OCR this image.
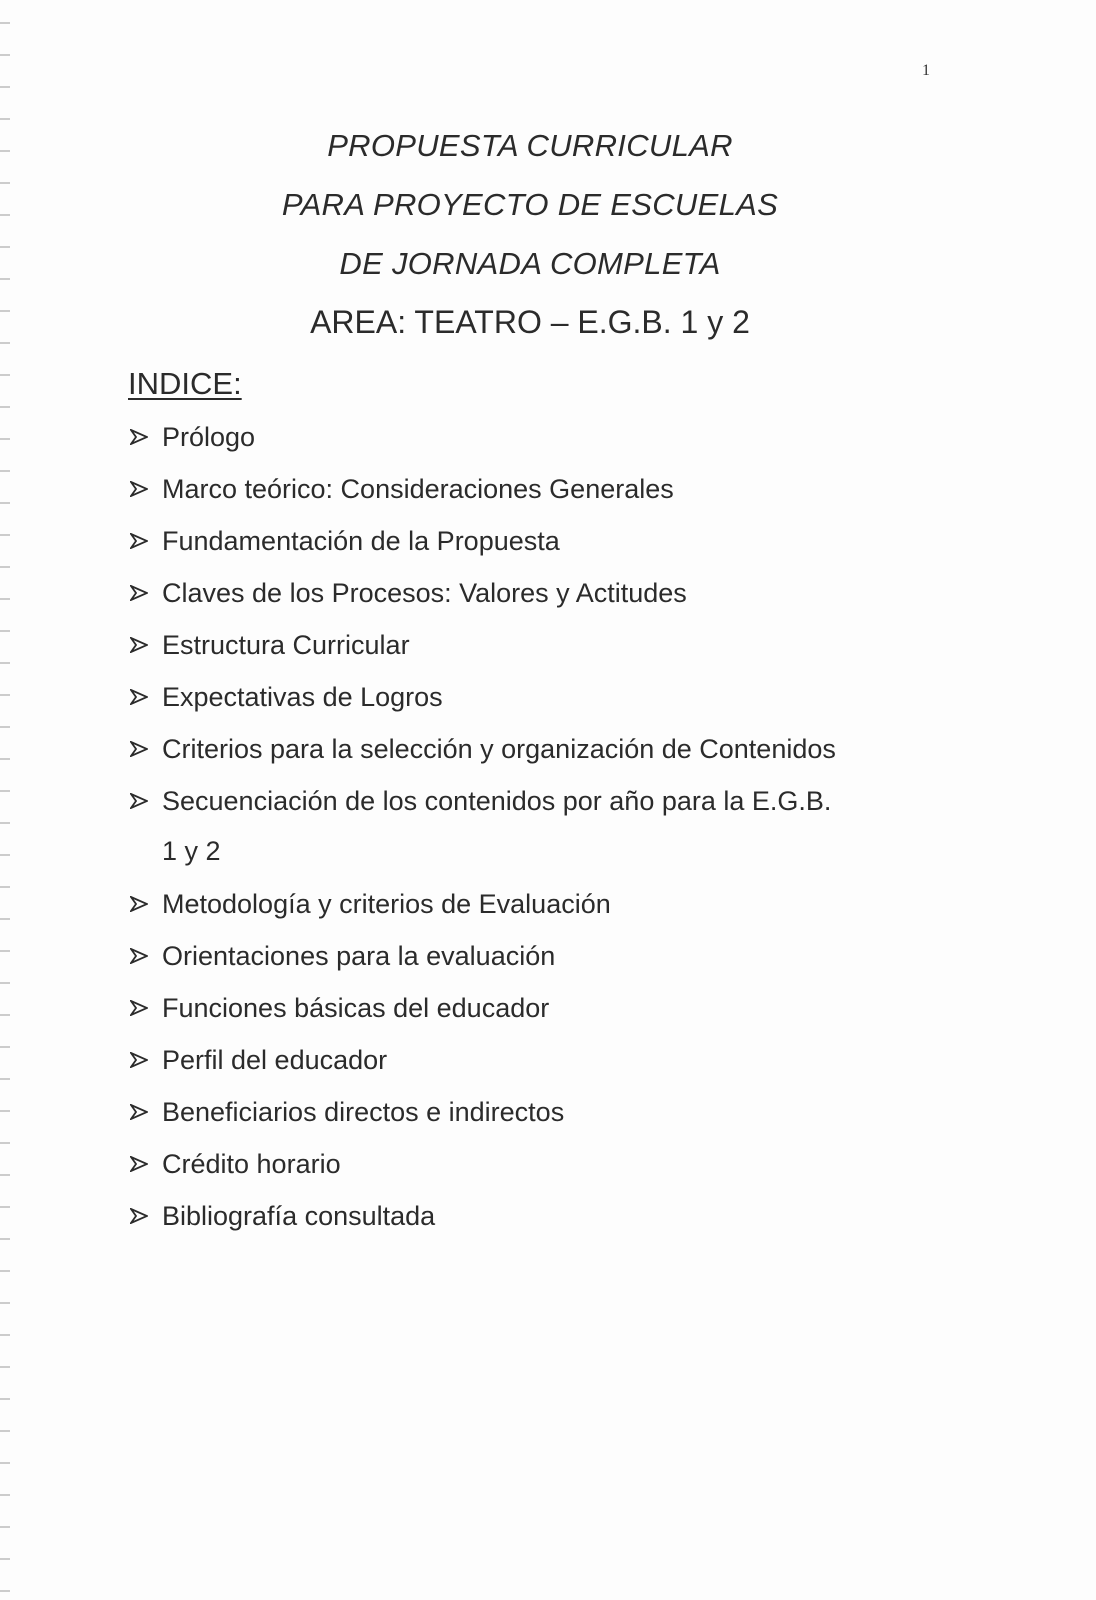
1
PROPUESTA CURRICULAR
PARA PROYECTO DE ESCUELAS
DE JORNADA COMPLETA
AREA: TEATRO – E.G.B. 1 y 2
INDICE:
Prólogo
Marco teórico: Consideraciones Generales
Fundamentación de la Propuesta
Claves de los Procesos: Valores y Actitudes
Estructura Curricular
Expectativas de Logros
Criterios para la selección y organización de Contenidos
Secuenciación de los contenidos por año para la E.G.B.
1 y 2
Metodología y criterios de Evaluación
Orientaciones para la evaluación
Funciones básicas del educador
Perfil del educador
Beneficiarios directos e indirectos
Crédito horario
Bibliografía consultada
